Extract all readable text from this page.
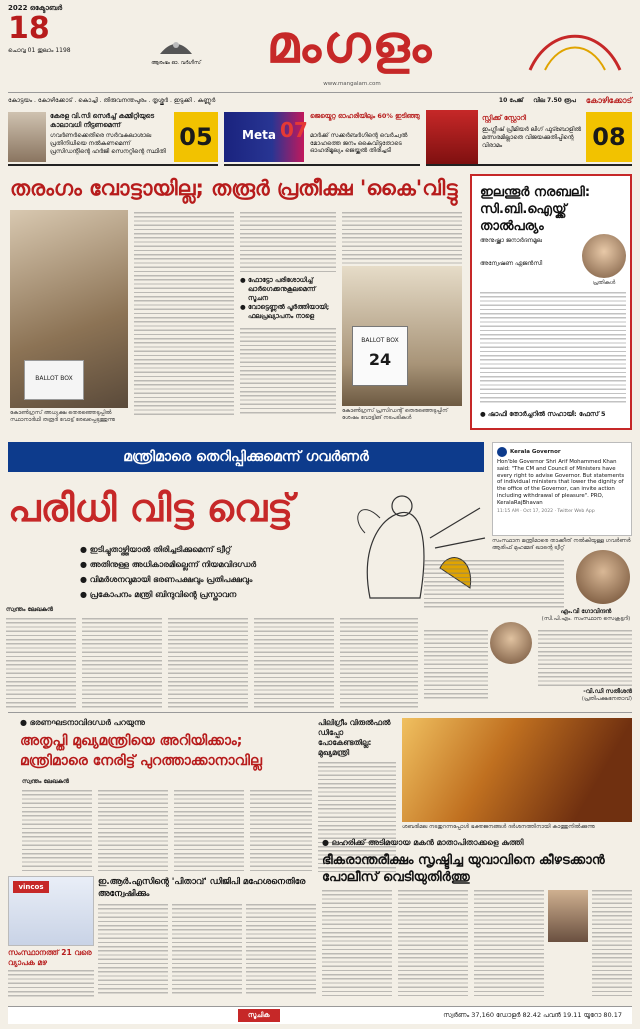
2022 ഒക്ടോബർ
18
ചൊവ്വ 01 തുലാം 1198
ആരംഭം ഓ. വർഗീസ്	മംഗളം
www.mangalam.com
കോട്ടയം . കോഴിക്കോട് . കൊച്ചി . തിരുവനന്തപുരം . തൃശ്ശൂർ . ഇടുക്കി . കണ്ണൂർ	10 പേജ് വില 7.50 രൂപ കോഴിക്കോട്
കേരള വി.സി സെർച്ച് കമ്മിറ്റിയുടെ കാലാവധി നീട്ടണമെന്ന്
ഗവർണർക്കെതിരെ സർവകലാശാല പ്രതിനിധിയെ നൽകണമെന്ന് പ്രസിഡന്റിന്റെ ഹർജി സെനറ്റിന്റെ സ്ഥിതി
05	Meta 07
ജെയ്മെറ്റ ഓഹരിയിലും 60% ഇടിഞ്ഞു
മാർക്ക് സക്കർബർഗിന്റെ വെർച്വൽ മോഹത്തെ ജനം കൈവിട്ടതോടെ ഓഹരിമൂല്യം ജെയ്ക്കൽ തിരിച്ചടി
സ്റ്റിക്ക് സ്റ്റോറി
ഇംഗ്ലീഷ് പ്രീമിയർ ലീഗ് ഫുട്ബോളിൽ മത്സരമില്ലാതെ വിജയക്കുതിപ്പിന്റെ വിരാമം	08
തരംഗം വോട്ടായില്ല; തരൂർ പ്രതീക്ഷ 'കൈ'വിട്ടു
BALLOT BOX
കോൺഗ്രസ് അധ്യക്ഷ തെരഞ്ഞെടുപ്പിൽ സ്ഥാനാർഥി തരൂർ വോട്ട് രേഖപ്പെടുത്തുന്നു
● ഫോട്ടോ പരിശോധിച്ച്
ഖാർഗെക്കനുകൂലമെന്ന് സൂചന
● വോട്ടെണ്ണൽ പൂർത്തിയായി;
ഫലപ്രഖ്യാപനം നാളെ
BALLOT BOX
24
കോൺഗ്രസ് പ്രസിഡന്റ് തെരഞ്ഞെടുപ്പിന് ശേഷം വോട്ടിങ് നടപടികൾ
ഇലന്തൂർ നരബലി: സി.ബി.ഐയ്ക്ക് താൽപര്യം
അനുഷ്ക്കാ ജനാർദനമൂല
അന്വേഷണ ഏജൻസി
പ്രതികൾ
● ഷാഫി തോർച്ചറിൽ സഹായി: ഫേസ് 5
മന്ത്രിമാരെ തെറിപ്പിക്കുമെന്ന് ഗവർണർ
പരിധി വിട്ട വെട്ട്
● ഇടിച്ചുതാഴ്ത്തിയാൽ തിരിച്ചടിക്കുമെന്ന് ട്വീറ്റ്
● അതിനുള്ള അധികാരമില്ലെന്ന് നിയമവിദഗ്ധർ
● വിമർശനവുമായി ഭരണപക്ഷവും പ്രതിപക്ഷവും
● പ്രകോപനം മന്ത്രി ബിന്ദുവിന്റെ പ്രസ്താവന
Kerala Governor
Hon'ble Governor Shri Arif Mohammed Khan said: "The CM and Council of Ministers have every right to advise Governor. But statements of individual ministers that lower the dignity of the office of the Governor, can invite action including withdrawal of pleasure". PRO, KeralaRajBhavan
11:15 AM · Oct 17, 2022 · Twitter Web App
സംസ്ഥാന മന്ത്രിമാരെ താക്കീത് നൽകിയുള്ള ഗവർണർ ആരിഫ് മുഹമ്മദ് ഖാന്റെ ട്വീറ്റ്
സ്വന്തം ലേഖകൻ	എം.വി ഗോവിന്ദൻ
(സി.പി.എം. സംസ്ഥാന സെക്രട്ടറി)
-വി.ഡി സതീശൻ
(പ്രതിപക്ഷനേതാവ്)
● ഭരണഘടനാവിദഗ്ധർ പറയുന്നു
അതൃപ്തി മുഖ്യമന്ത്രിയെ അറിയിക്കാം;
മന്ത്രിമാരെ നേരിട്ട് പുറത്താക്കാനാവില്ല
സ്വന്തം ലേഖകൻ
പിലിഗ്രീം വിരുൽഫൽ ഡിപ്പോ പോകേണ്ടതില്ല: മുഖ്യമന്ത്രി
ശബരിമല നടതുറന്നപ്പോൾ ഭക്തജനങ്ങൾ ദർശനത്തിനായി കാത്തുനിൽക്കുന്നു
ഇ.ആർ.എസിന്റെ 'പിതാവ്' ഡിജിപി മഹേശനെതിരേ അന്വേഷിക്കും
vincos
സംസ്ഥാനത്ത് 21 വരെ വ്യാപക മഴ
● ലഹരിക്ക് അടിമയായ മകൻ മാതാപിതാക്കളെ കുത്തി
ഭീകരാന്തരീക്ഷം സൃഷ്ടിച്ച യുവാവിനെ കീഴടക്കാൻ പോലീസ് വെടിയുതിർത്തു
സൂചിക	സ്വർണം 37,160 ഡോളർ 82.42 പവൻ 19.11 യൂറോ 80.17
